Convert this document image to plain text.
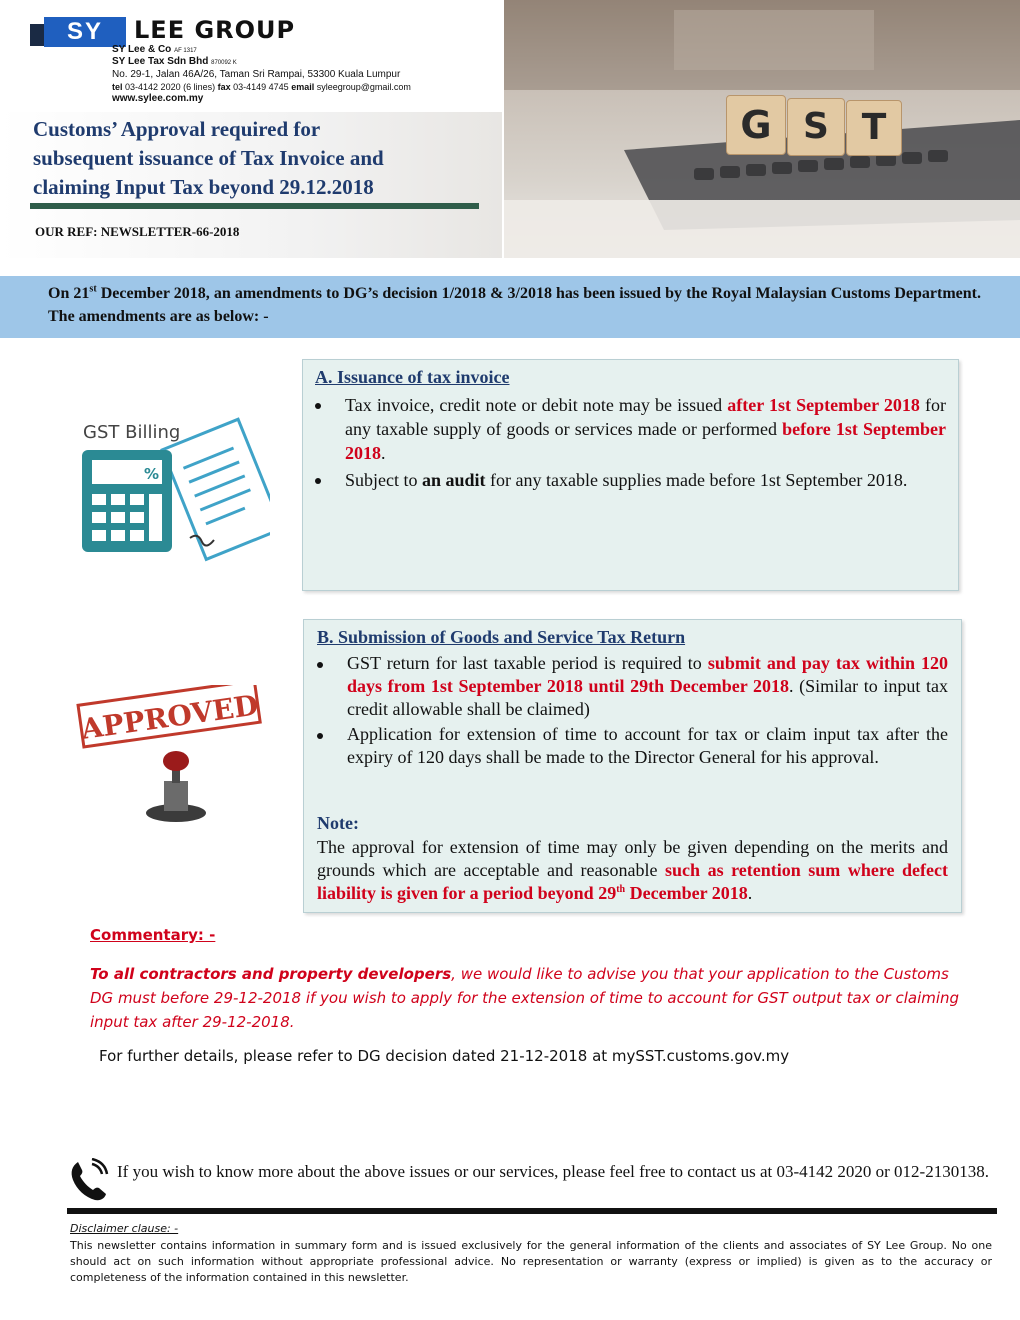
SY	LEE GROUP
SY Lee & Co AF 1317
SY Lee Tax Sdn Bhd 870092 K
No. 29-1, Jalan 46A/26, Taman Sri Rampai, 53300 Kuala Lumpur
tel 03-4142 2020 (6 lines) fax 03-4149 4745 email syleegroup@gmail.com
www.sylee.com.my
Customs’ Approval required for
subsequent issuance of Tax Invoice and
claiming Input Tax beyond 29.12.2018
OUR REF: NEWSLETTER-66-2018
G S T
On 21st December 2018, an amendments to DG’s decision 1/2018 & 3/2018 has been issued by the Royal Malaysian Customs Department. The amendments are as below: -
GST Billing
%
A. Issuance of tax invoice
Tax invoice, credit note or debit note may be issued after 1st September 2018 for any taxable supply of goods or services made or performed before 1st September 2018.
Subject to an audit for any taxable supplies made before 1st September 2018.
APPROVED
B. Submission of Goods and Service Tax Return
GST return for last taxable period is required to submit and pay tax within 120 days from 1st September 2018 until 29th December 2018. (Similar to input tax credit allowable shall be claimed)
Application for extension of time to account for tax or claim input tax after the expiry of 120 days shall be made to the Director General for his approval.
Note:
The approval for extension of time may only be given depending on the merits and grounds which are acceptable and reasonable such as retention sum where defect liability is given for a period beyond 29th December 2018.
Commentary: -
To all contractors and property developers, we would like to advise you that your application to the Customs DG must before 29-12-2018 if you wish to apply for the extension of time to account for GST output tax or claiming input tax after 29-12-2018.
For further details, please refer to DG decision dated 21-12-2018 at mySST.customs.gov.my
If you wish to know more about the above issues or our services, please feel free to contact us at 03-4142 2020 or 012-2130138.
Disclaimer clause: -
This newsletter contains information in summary form and is issued exclusively for the general information of the clients and associates of SY Lee Group. No one should act on such information without appropriate professional advice. No representation or warranty (express or implied) is given as to the accuracy or completeness of the information contained in this newsletter.
